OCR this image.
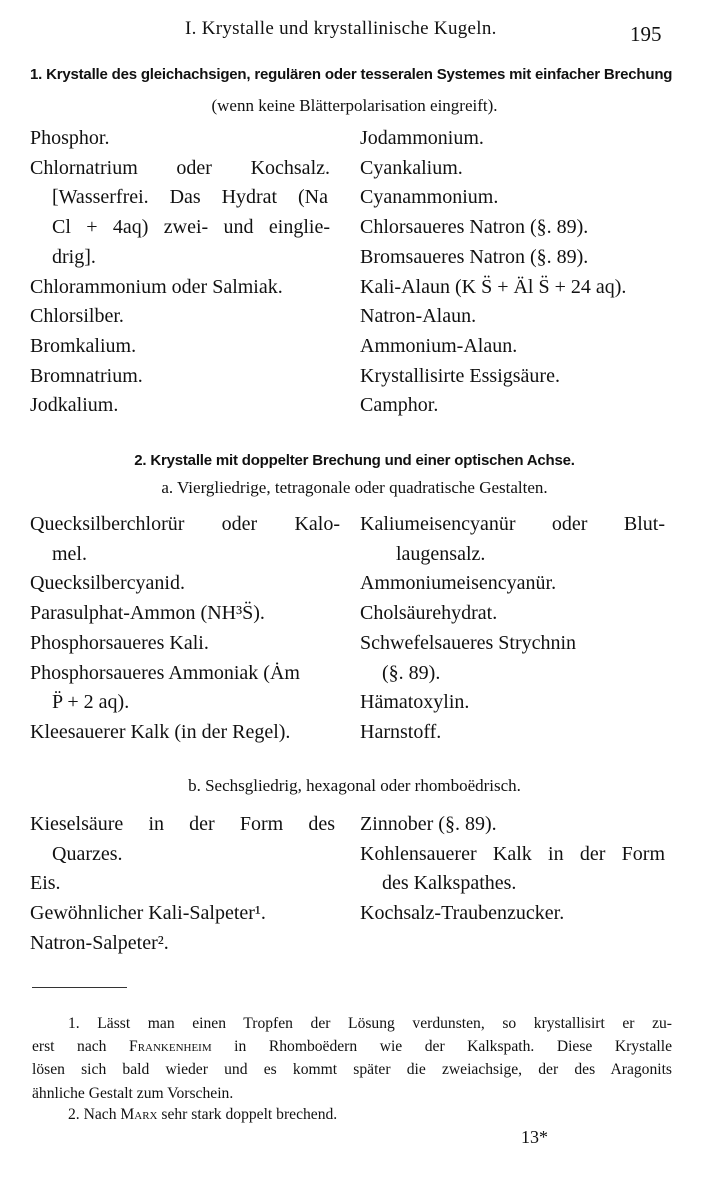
I. Krystalle und krystallinische Kugeln.	195
1. Krystalle des gleichachsigen, regulären oder tesseralen Systemes mit einfacher Brechung
(wenn keine Blätterpolarisation eingreift).
Phosphor.
Chlornatrium oder Kochsalz.
[Wasserfrei. Das Hydrat (Na
Cl + 4aq) zwei- und einglie-
drig].
Chlorammonium oder Salmiak.
Chlorsilber.
Bromkalium.
Bromnatrium.
Jodkalium.
Jodammonium.
Cyankalium.
Cyanammonium.
Chlorsaueres Natron (§. 89).
Bromsaueres Natron (§. 89).
Kali-Alaun (K S̈ + Äl S̈ + 24 aq).
Natron-Alaun.
Ammonium-Alaun.
Krystallisirte Essigsäure.
Camphor.
2. Krystalle mit doppelter Brechung und einer optischen Achse.
a. Viergliedrige, tetragonale oder quadratische Gestalten.
Quecksilberchlorür oder Kalo-
mel.
Quecksilbercyanid.
Parasulphat-Ammon (NH³S̈).
Phosphorsaueres Kali.
Phosphorsaueres Ammoniak (Ȧm
P̈ + 2 aq).
Kleesauerer Kalk (in der Regel).
Kaliumeisencyanür oder Blut-
laugensalz.
Ammoniumeisencyanür.
Cholsäurehydrat.
Schwefelsaueres Strychnin
(§. 89).
Hämatoxylin.
Harnstoff.
b. Sechsgliedrig, hexagonal oder rhomboëdrisch.
Kieselsäure in der Form des
Quarzes.
Eis.
Gewöhnlicher Kali-Salpeter¹.
Natron-Salpeter².
Zinnober (§. 89).
Kohlensauerer Kalk in der Form
des Kalkspathes.
Kochsalz-Traubenzucker.
1. Lässt man einen Tropfen der Lösung verdunsten, so krystallisirt er zu-
erst nach Frankenheim in Rhomboëdern wie der Kalkspath. Diese Krystalle
lösen sich bald wieder und es kommt später die zweiachsige, der des Aragonits
ähnliche Gestalt zum Vorschein.
2. Nach Marx sehr stark doppelt brechend.
13*
